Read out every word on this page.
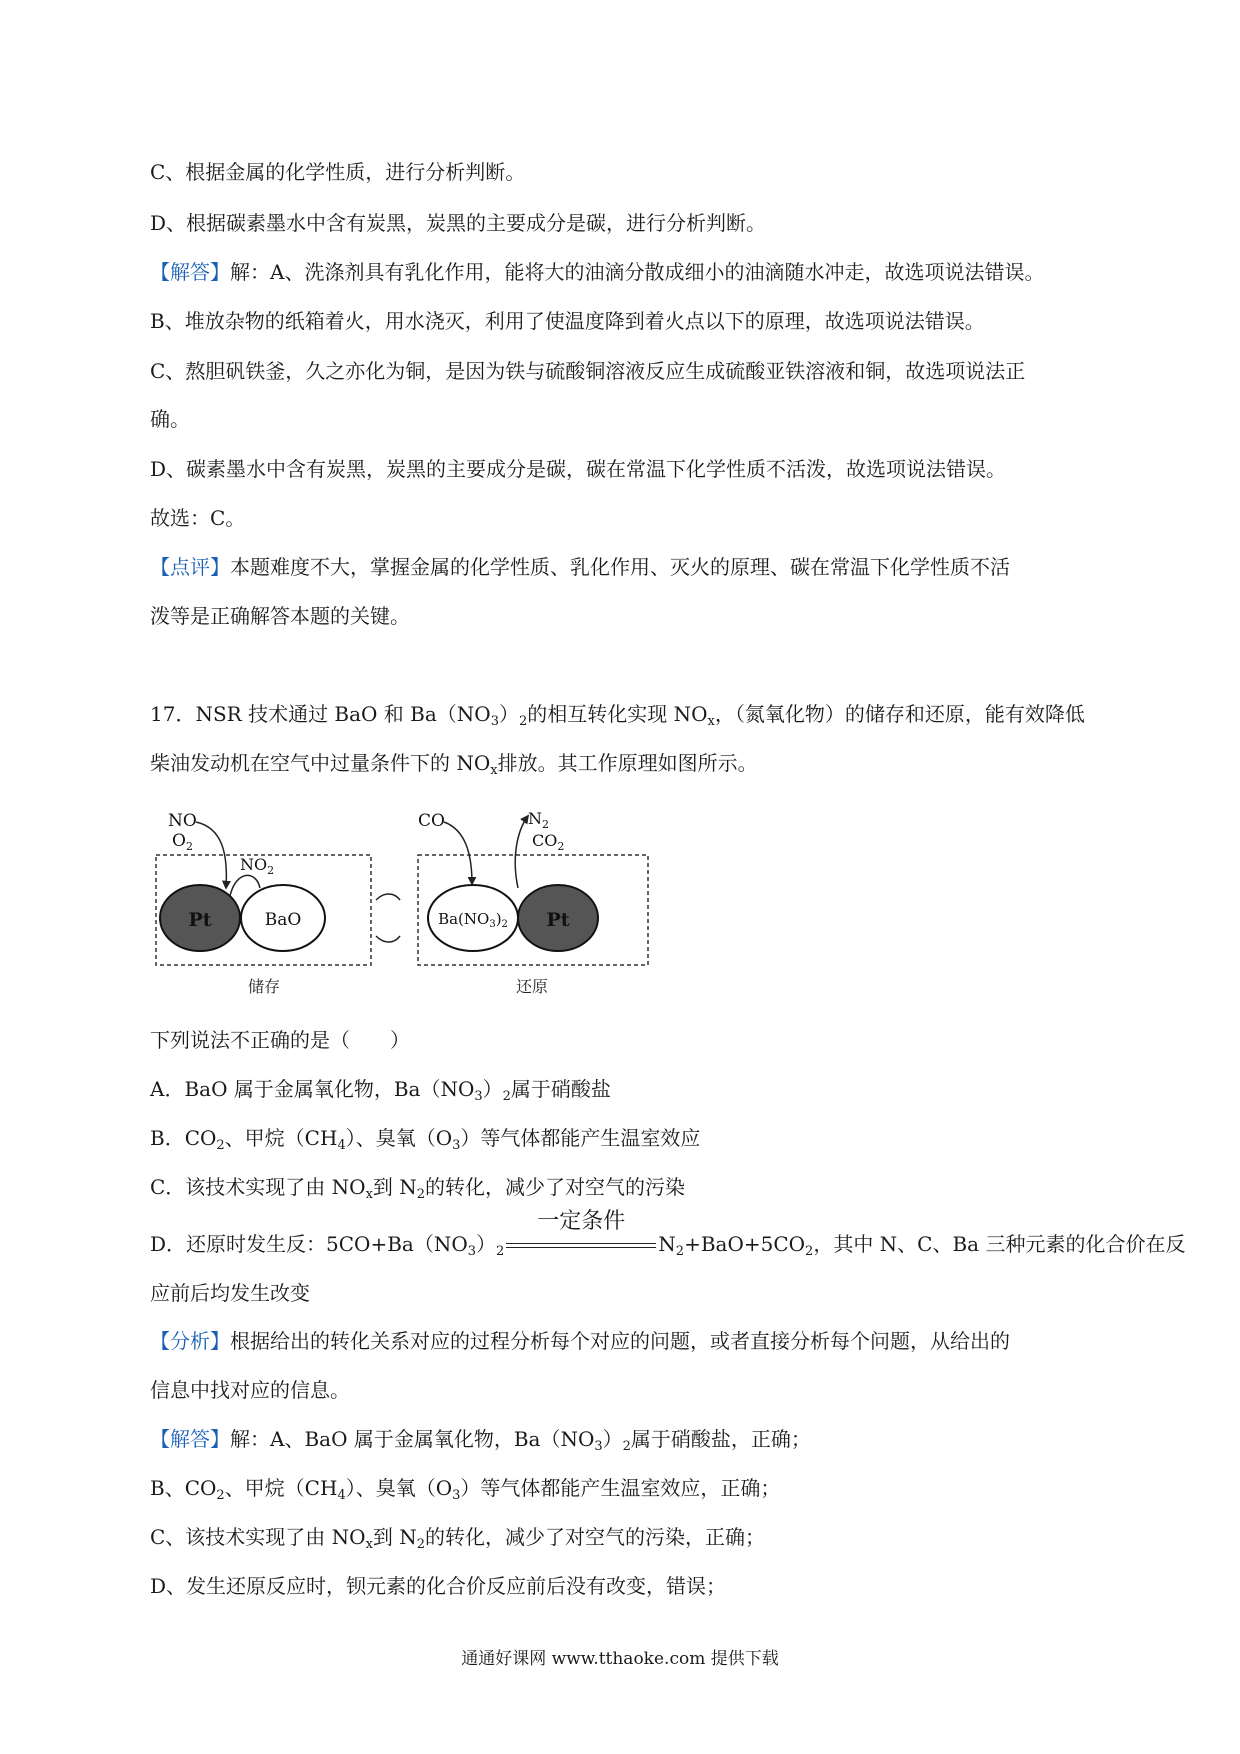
C、根据金属的化学性质，进行分析判断。
D、根据碳素墨水中含有炭黑，炭黑的主要成分是碳，进行分析判断。
【解答】解：A、洗涤剂具有乳化作用，能将大的油滴分散成细小的油滴随水冲走，故选项说法错误。
B、堆放杂物的纸箱着火，用水浇灭，利用了使温度降到着火点以下的原理，故选项说法错误。
C、熬胆矾铁釜，久之亦化为铜，是因为铁与硫酸铜溶液反应生成硫酸亚铁溶液和铜，故选项说法正
确。
D、碳素墨水中含有炭黑，炭黑的主要成分是碳，碳在常温下化学性质不活泼，故选项说法错误。
故选：C。
【点评】本题难度不大，掌握金属的化学性质、乳化作用、灭火的原理、碳在常温下化学性质不活
泼等是正确解答本题的关键。
17．NSR 技术通过 BaO 和 $Ba(NO_3)_2$的相互转化实现 $NO_x$，（氮氧化物）的储存和还原，能有效降低
柴油发动机在空气中过量条件下的 $NO_x$排放。其工作原理如图所示。
Pt	BaO
NO
$O_2$
$NO_2$
$Ba(NO_3)_2$ Pt
CO	$N_2$
$CO_2$
储存	还原
下列说法不正确的是（　　）
A．BaO 属于金属氧化物，$Ba(NO_3)_2$属于硝酸盐
B．$CO_2$、甲烷$(CH_4)$、臭氧$(O_3)$等气体都能产生温室效应
C．该技术实现了由 $NO_x$到 $N_2$的转化，减少了对空气的污染
D．还原时发生反：$5CO+Ba(NO_3)_2$
一定条件
$N_2+BaO+5CO_2$，其中 N、C、Ba 三种元素的化合价在反
应前后均发生改变
【分析】根据给出的转化关系对应的过程分析每个对应的问题，或者直接分析每个问题，从给出的
信息中找对应的信息。
【解答】解：A、BaO 属于金属氧化物，$Ba(NO_3)_2$属于硝酸盐，正确；
B、$CO_2$、甲烷$(CH_4)$、臭氧$(O_3)$等气体都能产生温室效应，正确；
C、该技术实现了由 $NO_x$到 $N_2$的转化，减少了对空气的污染，正确；
D、发生还原反应时，钡元素的化合价反应前后没有改变，错误；
通通好课网 www.tthaoke.com 提供下载
